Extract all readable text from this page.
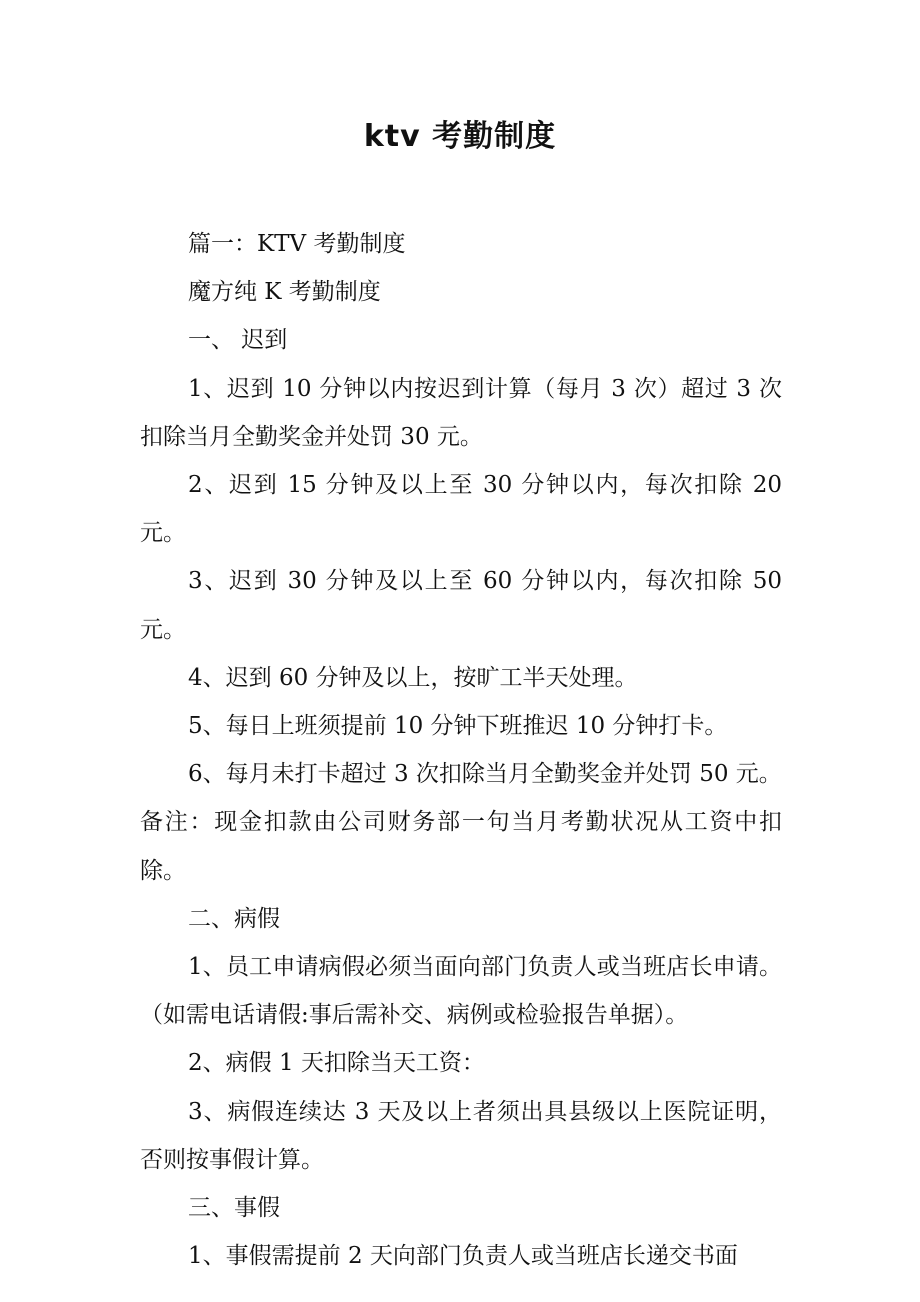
ktv 考勤制度

篇一：KTV 考勤制度

魔方纯 K 考勤制度

一、 迟到

1、迟到 10 分钟以内按迟到计算（每月 3 次）超过 3 次扣除当月全勤奖金并处罚 30 元。

2、迟到 15 分钟及以上至 30 分钟以内，每次扣除 20 元。

3、迟到 30 分钟及以上至 60 分钟以内，每次扣除 50 元。

4、迟到 60 分钟及以上，按旷工半天处理。

5、每日上班须提前 10 分钟下班推迟 10 分钟打卡。

6、每月未打卡超过 3 次扣除当月全勤奖金并处罚 50 元。

备注：现金扣款由公司财务部一句当月考勤状况从工资中扣除。

二、病假

1、员工申请病假必须当面向部门负责人或当班店长申请。（如需电话请假:事后需补交、病例或检验报告单据）。

2、病假 1 天扣除当天工资：

3、病假连续达 3 天及以上者须出具县级以上医院证明，否则按事假计算。

三、事假

1、事假需提前 2 天向部门负责人或当班店长递交书面
